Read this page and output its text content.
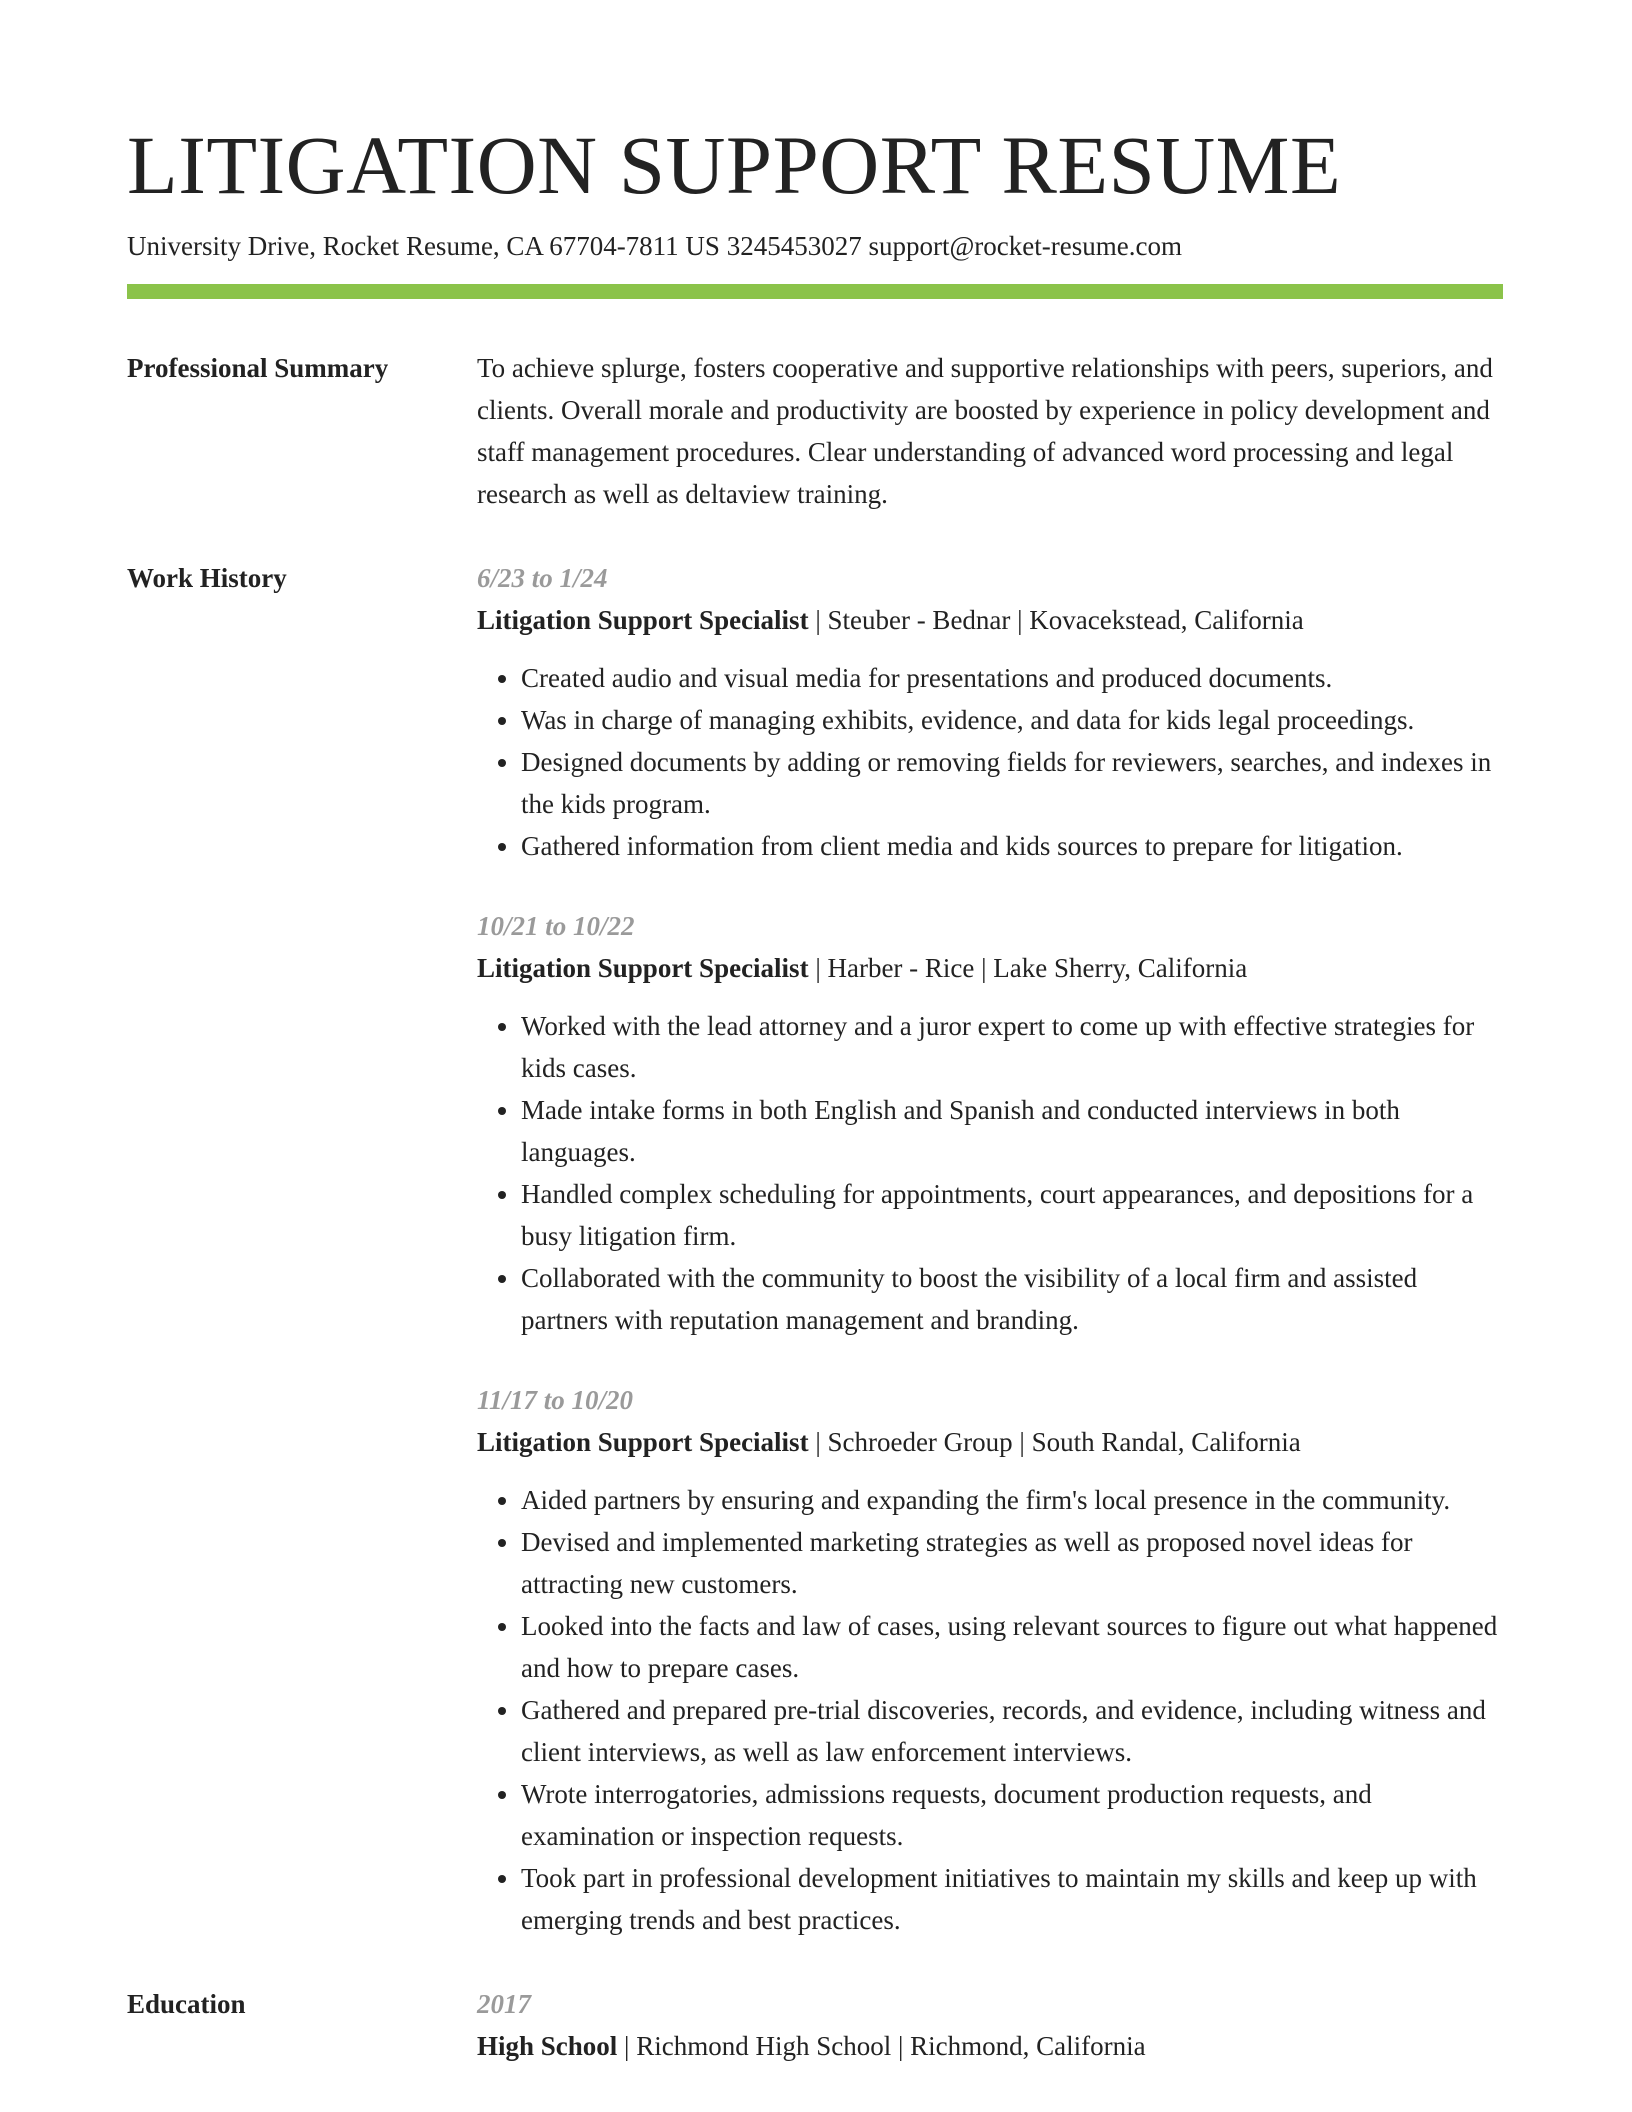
LITIGATION SUPPORT RESUME
University Drive, Rocket Resume, CA 67704-7811 US 3245453027 support@rocket-resume.com
Professional Summary	To achieve splurge, fosters cooperative and supportive relationships with peers, superiors, and clients. Overall morale and productivity are boosted by experience in policy development and staff management procedures. Clear understanding of advanced word processing and legal research as well as deltaview training.

Work History	6/23 to 1/24
Litigation Support Specialist | Steuber - Bednar | Kovacekstead, California
• Created audio and visual media for presentations and produced documents.
• Was in charge of managing exhibits, evidence, and data for kids legal proceedings.
• Designed documents by adding or removing fields for reviewers, searches, and indexes in the kids program.
• Gathered information from client media and kids sources to prepare for litigation.
10/21 to 10/22
Litigation Support Specialist | Harber - Rice | Lake Sherry, California
• Worked with the lead attorney and a juror expert to come up with effective strategies for kids cases.
• Made intake forms in both English and Spanish and conducted interviews in both languages.
• Handled complex scheduling for appointments, court appearances, and depositions for a busy litigation firm.
• Collaborated with the community to boost the visibility of a local firm and assisted partners with reputation management and branding.
11/17 to 10/20
Litigation Support Specialist | Schroeder Group | South Randal, California
• Aided partners by ensuring and expanding the firm's local presence in the community.
• Devised and implemented marketing strategies as well as proposed novel ideas for attracting new customers.
• Looked into the facts and law of cases, using relevant sources to figure out what happened and how to prepare cases.
• Gathered and prepared pre-trial discoveries, records, and evidence, including witness and client interviews, as well as law enforcement interviews.
• Wrote interrogatories, admissions requests, document production requests, and examination or inspection requests.
• Took part in professional development initiatives to maintain my skills and keep up with emerging trends and best practices.
Education	2017
High School | Richmond High School | Richmond, California
